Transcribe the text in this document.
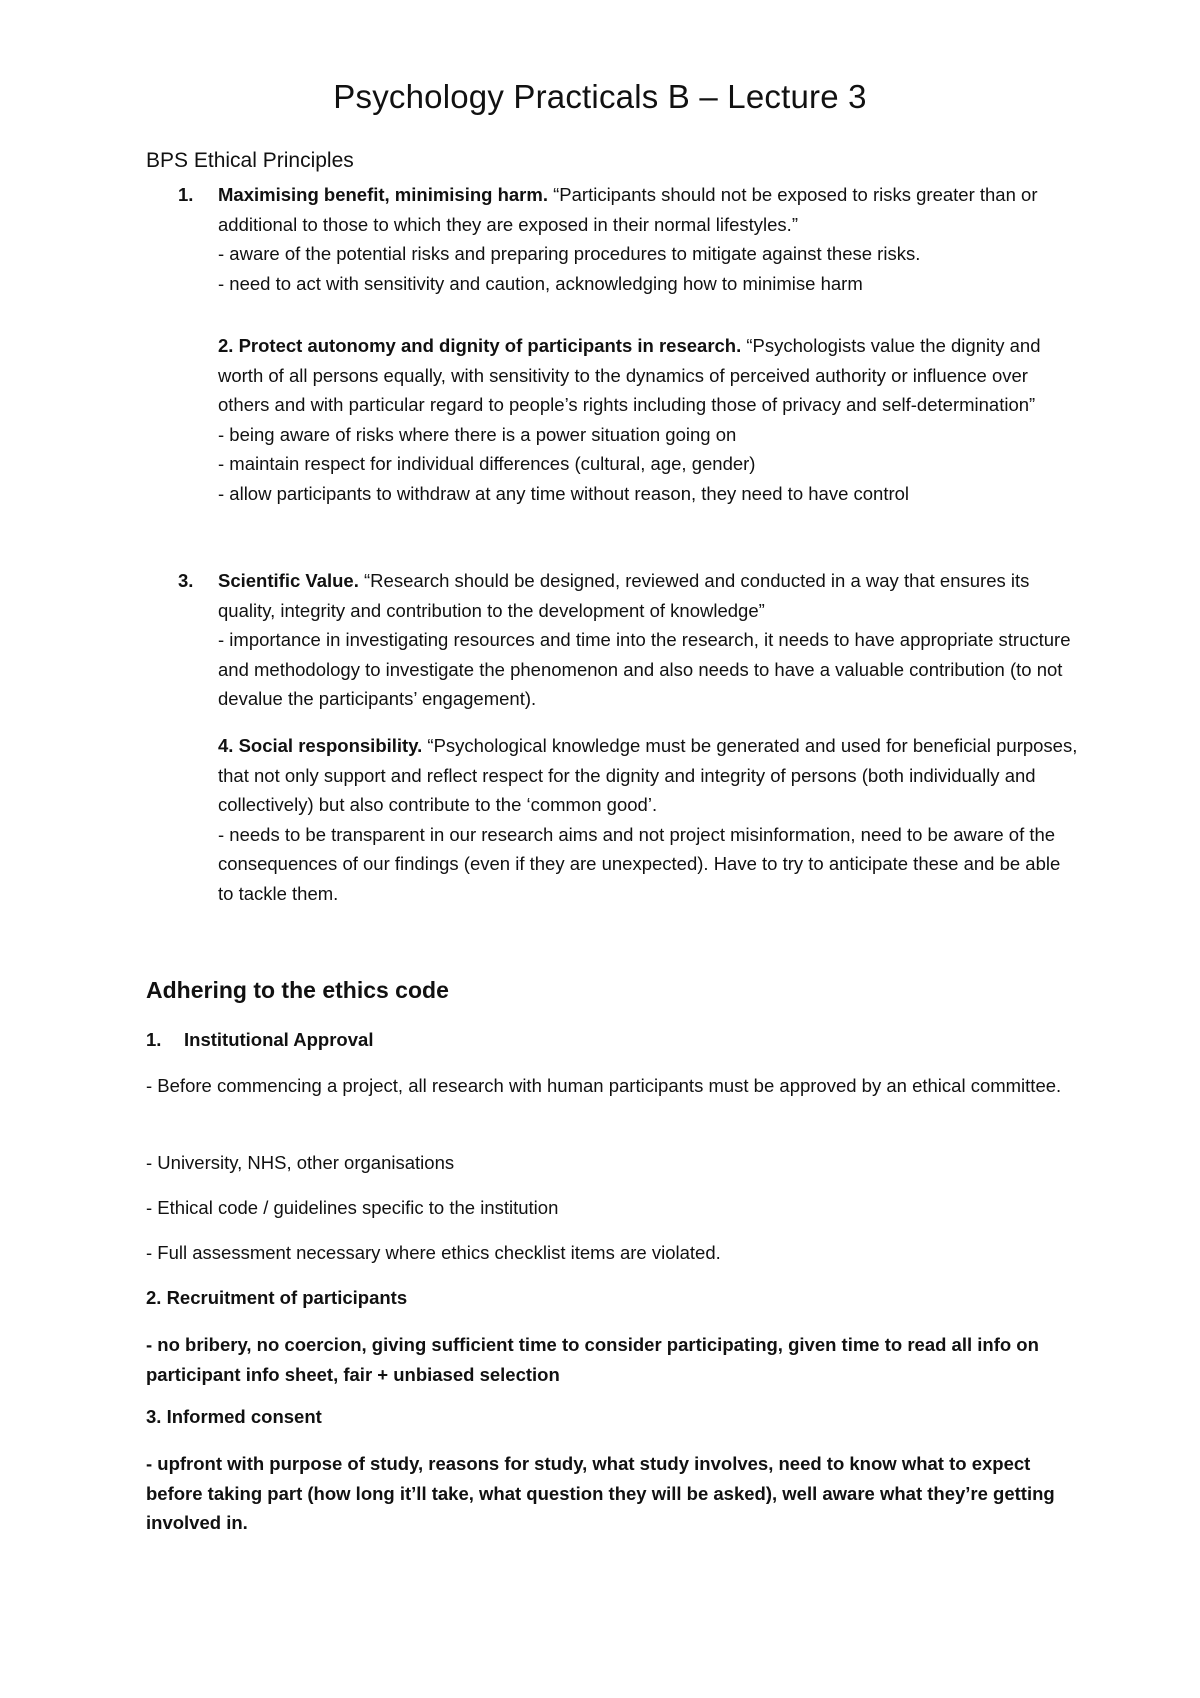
Psychology Practicals B – Lecture 3

BPS Ethical Principles

1. Maximising benefit, minimising harm. “Participants should not be exposed to risks greater than or additional to those to which they are exposed in their normal lifestyles.”
- aware of the potential risks and preparing procedures to mitigate against these risks.
- need to act with sensitivity and caution, acknowledging how to minimise harm
2. Protect autonomy and dignity of participants in research. “Psychologists value the dignity and worth of all persons equally, with sensitivity to the dynamics of perceived authority or influence over others and with particular regard to people’s rights including those of privacy and self-determination”
- being aware of risks where there is a power situation going on
- maintain respect for individual differences (cultural, age, gender)
- allow participants to withdraw at any time without reason, they need to have control
3. Scientific Value. “Research should be designed, reviewed and conducted in a way that ensures its quality, integrity and contribution to the development of knowledge”
- importance in investigating resources and time into the research, it needs to have appropriate structure and methodology to investigate the phenomenon and also needs to have a valuable contribution (to not devalue the participants’ engagement).
4. Social responsibility. “Psychological knowledge must be generated and used for beneficial purposes, that not only support and reflect respect for the dignity and integrity of persons (both individually and collectively) but also contribute to the ‘common good’.
- needs to be transparent in our research aims and not project misinformation, need to be aware of the consequences of our findings (even if they are unexpected). Have to try to anticipate these and be able to tackle them.
Adhering to the ethics code

1. Institutional Approval

- Before commencing a project, all research with human participants must be approved by an ethical committee.

- University, NHS, other organisations

- Ethical code / guidelines specific to the institution

- Full assessment necessary where ethics checklist items are violated.

2. Recruitment of participants

- no bribery, no coercion, giving sufficient time to consider participating, given time to read all info on participant info sheet, fair + unbiased selection

3. Informed consent

- upfront with purpose of study, reasons for study, what study involves, need to know what to expect before taking part (how long it’ll take, what question they will be asked), well aware what they’re getting involved in.
